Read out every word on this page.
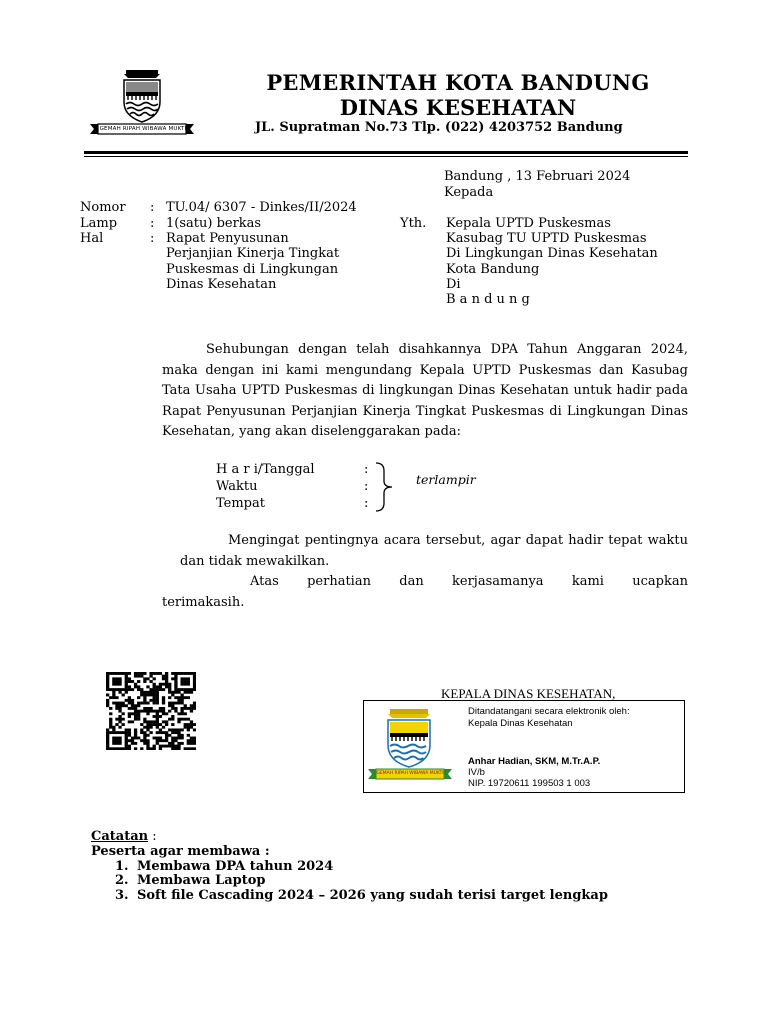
GEMAH RIPAH WIBAWA MUKTI
PEMERINTAH KOTA BANDUNG
DINAS KESEHATAN
JL. Supratman No.73 Tlp. (022) 4203752 Bandung
Bandung , 13 Februari 2024
Kepada
Nomor : TU.04/ 6307 - Dinkes/II/2024
Lamp	: 1(satu) berkas
Hal	: Rapat Penyusunan
Perjanjian Kinerja Tingkat
Puskesmas di Lingkungan
Dinas Kesehatan
Yth. Kepala UPTD Puskesmas
Kasubag TU UPTD Puskesmas
Di Lingkungan Dinas Kesehatan
Kota Bandung
Di
B a n d u n g
Sehubungan dengan telah disahkannya DPA Tahun Anggaran 2024, maka dengan ini kami mengundang Kepala UPTD Puskesmas dan Kasubag Tata Usaha UPTD Puskesmas di lingkungan Dinas Kesehatan untuk hadir pada Rapat Penyusunan Perjanjian Kinerja Tingkat Puskesmas di Lingkungan Dinas Kesehatan, yang akan diselenggarakan pada:
H a r i/Tanggal	:
Waktu	:
Tempat	:
terlampir
Mengingat pentingnya acara tersebut, agar dapat hadir tepat waktu dan tidak mewakilkan.
Atas perhatian dan kerjasamanya kami ucapkan
terimakasih.
KEPALA DINAS KESEHATAN,
GEMAH RIPAH WIBAWA MUKTI
Ditandatangani secara elektronik oleh:
Kepala Dinas Kesehatan
Anhar Hadian, SKM, M.Tr.A.P.
IV/b
NIP. 19720611 199503 1 003
Catatan :
Peserta agar membawa :
1. Membawa DPA tahun 2024
2. Membawa Laptop
3. Soft file Cascading 2024 – 2026 yang sudah terisi target lengkap
